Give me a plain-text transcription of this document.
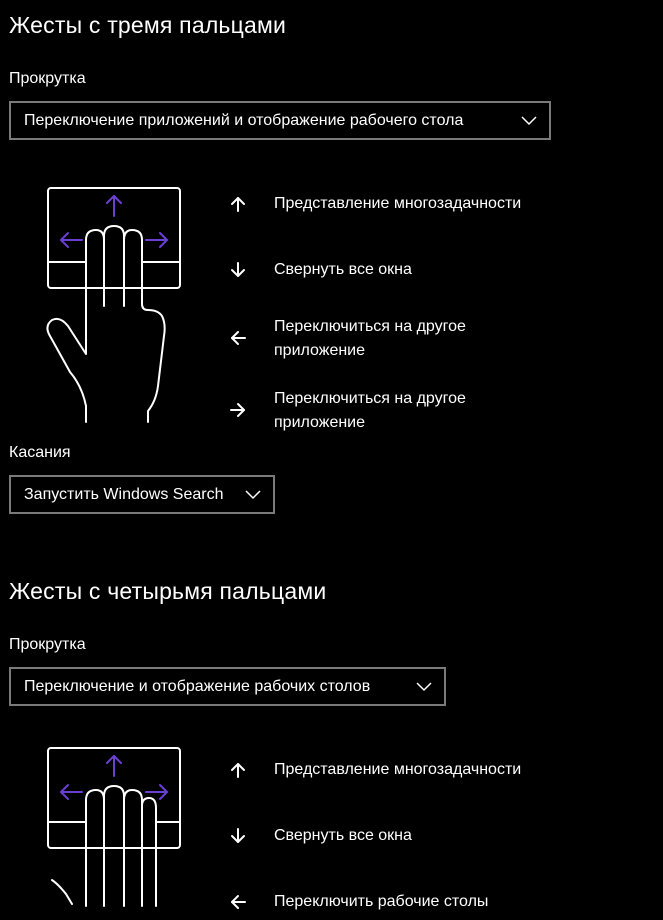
Жесты с тремя пальцами
Прокрутка
Переключение приложений и отображение рабочего стола
Представление многозадачности
Свернуть все окна
Переключиться на другое приложение
Переключиться на другое приложение
Касания
Запустить Windows Search
Жесты с четырьмя пальцами
Прокрутка
Переключение и отображение рабочих столов
Представление многозадачности
Свернуть все окна
Переключить рабочие столы
